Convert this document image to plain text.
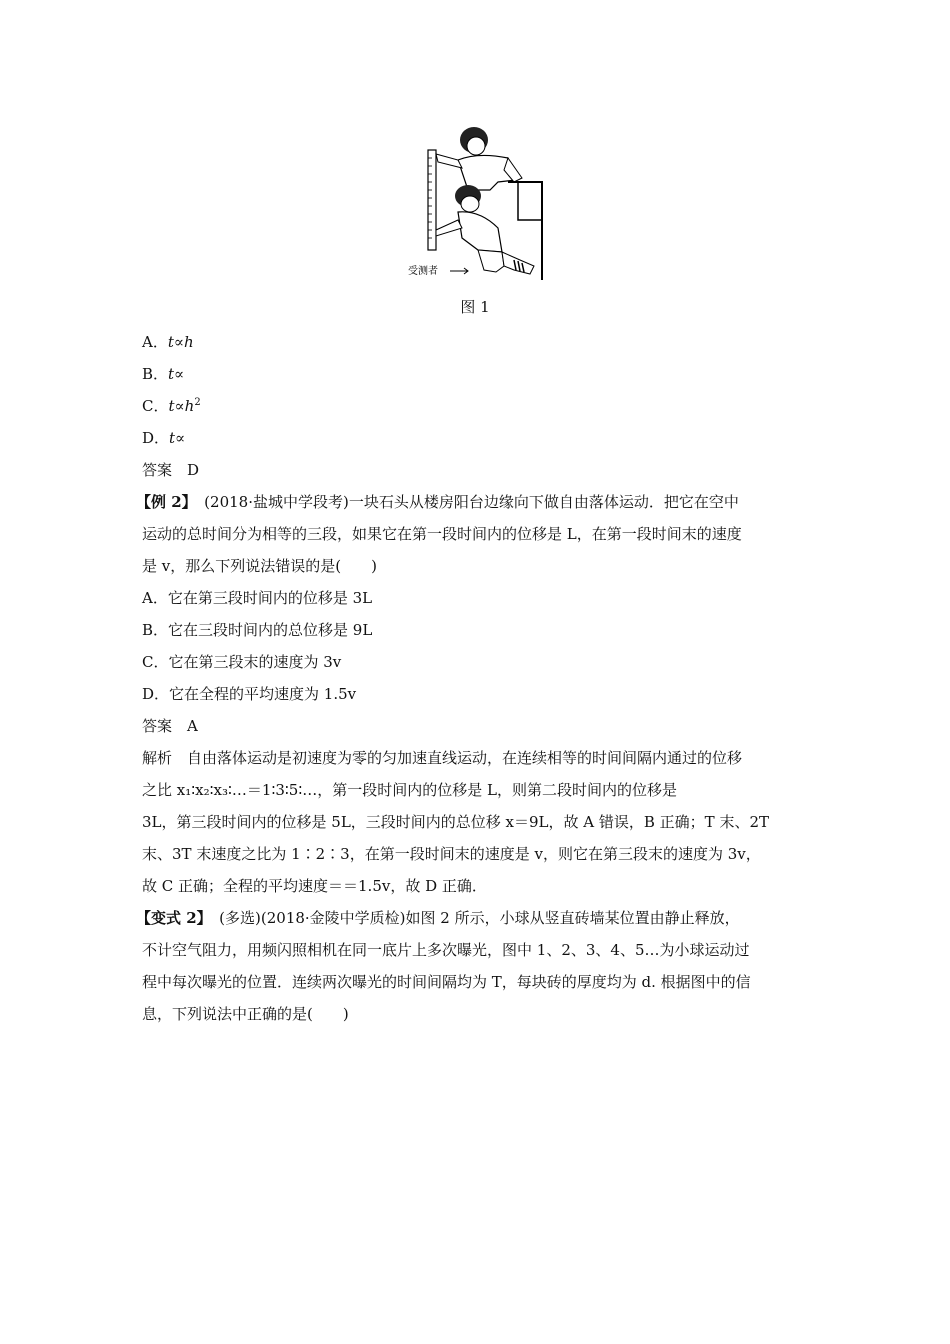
受测者
图 1
A．t∝h
B．t∝
C．$t\propto h^2$
D．t∝
答案　D
【例 2】　(2018·盐城中学段考)一块石头从楼房阳台边缘向下做自由落体运动．把它在空中
运动的总时间分为相等的三段，如果它在第一段时间内的位移是 L，在第一段时间末的速度
是 v，那么下列说法错误的是(　　)
A．它在第三段时间内的位移是 3L
B．它在三段时间内的总位移是 9L
C．它在第三段末的速度为 3v
D．它在全程的平均速度为 1.5v
答案　A
解析　自由落体运动是初速度为零的匀加速直线运动，在连续相等的时间间隔内通过的位移
之比 x₁∶x₂∶x₃∶…＝1∶3∶5∶…，第一段时间内的位移是 L，则第二段时间内的位移是
3L，第三段时间内的位移是 5L，三段时间内的总位移 x＝9L，故 A 错误，B 正确；T 末、2T
末、3T 末速度之比为 1∶2∶3，在第一段时间末的速度是 v，则它在第三段末的速度为 3v，
故 C 正确；全程的平均速度＝＝1.5v，故 D 正确．
【变式 2】　(多选)(2018·金陵中学质检)如图 2 所示，小球从竖直砖墙某位置由静止释放，
不计空气阻力，用频闪照相机在同一底片上多次曝光，图中 1、2、3、4、5…为小球运动过
程中每次曝光的位置．连续两次曝光的时间间隔均为 T，每块砖的厚度均为 d. 根据图中的信
息，下列说法中正确的是(　　)
